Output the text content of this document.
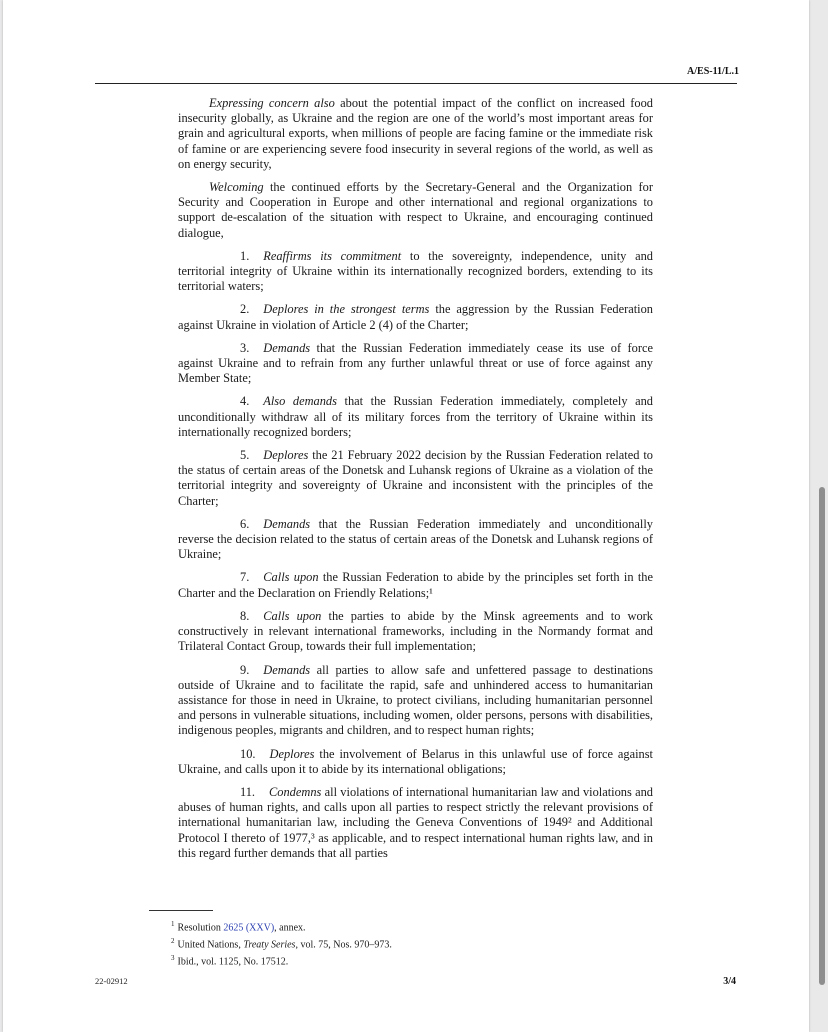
A/ES-11/L.1

Expressing concern also about the potential impact of the conflict on increased food insecurity globally, as Ukraine and the region are one of the world’s most important areas for grain and agricultural exports, when millions of people are facing famine or the immediate risk of famine or are experiencing severe food insecurity in several regions of the world, as well as on energy security,

Welcoming the continued efforts by the Secretary-General and the Organization for Security and Cooperation in Europe and other international and regional organizations to support de-escalation of the situation with respect to Ukraine, and encouraging continued dialogue,

1. Reaffirms its commitment to the sovereignty, independence, unity and territorial integrity of Ukraine within its internationally recognized borders, extending to its territorial waters;

2. Deplores in the strongest terms the aggression by the Russian Federation against Ukraine in violation of Article 2 (4) of the Charter;

3. Demands that the Russian Federation immediately cease its use of force against Ukraine and to refrain from any further unlawful threat or use of force against any Member State;

4. Also demands that the Russian Federation immediately, completely and unconditionally withdraw all of its military forces from the territory of Ukraine within its internationally recognized borders;

5. Deplores the 21 February 2022 decision by the Russian Federation related to the status of certain areas of the Donetsk and Luhansk regions of Ukraine as a violation of the territorial integrity and sovereignty of Ukraine and inconsistent with the principles of the Charter;

6. Demands that the Russian Federation immediately and unconditionally reverse the decision related to the status of certain areas of the Donetsk and Luhansk regions of Ukraine;

7. Calls upon the Russian Federation to abide by the principles set forth in the Charter and the Declaration on Friendly Relations;¹

8. Calls upon the parties to abide by the Minsk agreements and to work constructively in relevant international frameworks, including in the Normandy format and Trilateral Contact Group, towards their full implementation;

9. Demands all parties to allow safe and unfettered passage to destinations outside of Ukraine and to facilitate the rapid, safe and unhindered access to humanitarian assistance for those in need in Ukraine, to protect civilians, including humanitarian personnel and persons in vulnerable situations, including women, older persons, persons with disabilities, indigenous peoples, migrants and children, and to respect human rights;

10. Deplores the involvement of Belarus in this unlawful use of force against Ukraine, and calls upon it to abide by its international obligations;

11. Condemns all violations of international humanitarian law and violations and abuses of human rights, and calls upon all parties to respect strictly the relevant provisions of international humanitarian law, including the Geneva Conventions of 1949² and Additional Protocol I thereto of 1977,³ as applicable, and to respect international human rights law, and in this regard further demands that all parties

$^1$ Resolution 2625 (XXV), annex.
$^2$ United Nations, Treaty Series, vol. 75, Nos. 970–973.
$^3$ Ibid., vol. 1125, No. 17512.
22-02912	3/4
